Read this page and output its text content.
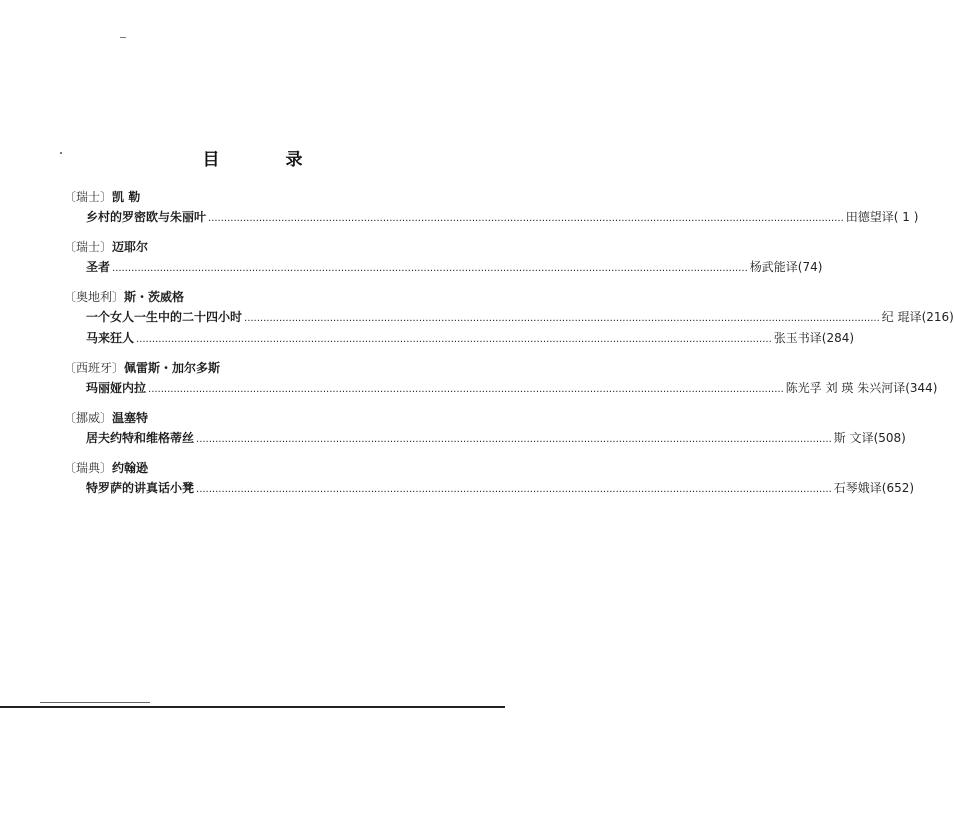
目 录
〔瑞士〕凯 勒
乡村的罗密欧与朱丽叶 ........................................................................................................................................................................................................ 田德望译 ( 1 )
〔瑞士〕迈耶尔
圣者 ........................................................................................................................................................................................................ 杨武能译 (74)
〔奥地利〕斯・茨威格
一个女人一生中的二十四小时 ........................................................................................................................................................................................................ 纪 琨译 (216)
马来狂人 ........................................................................................................................................................................................................ 张玉书译 (284)
〔西班牙〕佩雷斯・加尔多斯
玛丽娅内拉 ........................................................................................................................................................................................................ 陈光孚 刘 瑛 朱兴河译 (344)
〔挪威〕温塞特
居夫约特和维格蒂丝 ........................................................................................................................................................................................................ 斯 文译 (508)
〔瑞典〕约翰逊
特罗萨的讲真话小凳 ........................................................................................................................................................................................................ 石琴娥译 (652)
